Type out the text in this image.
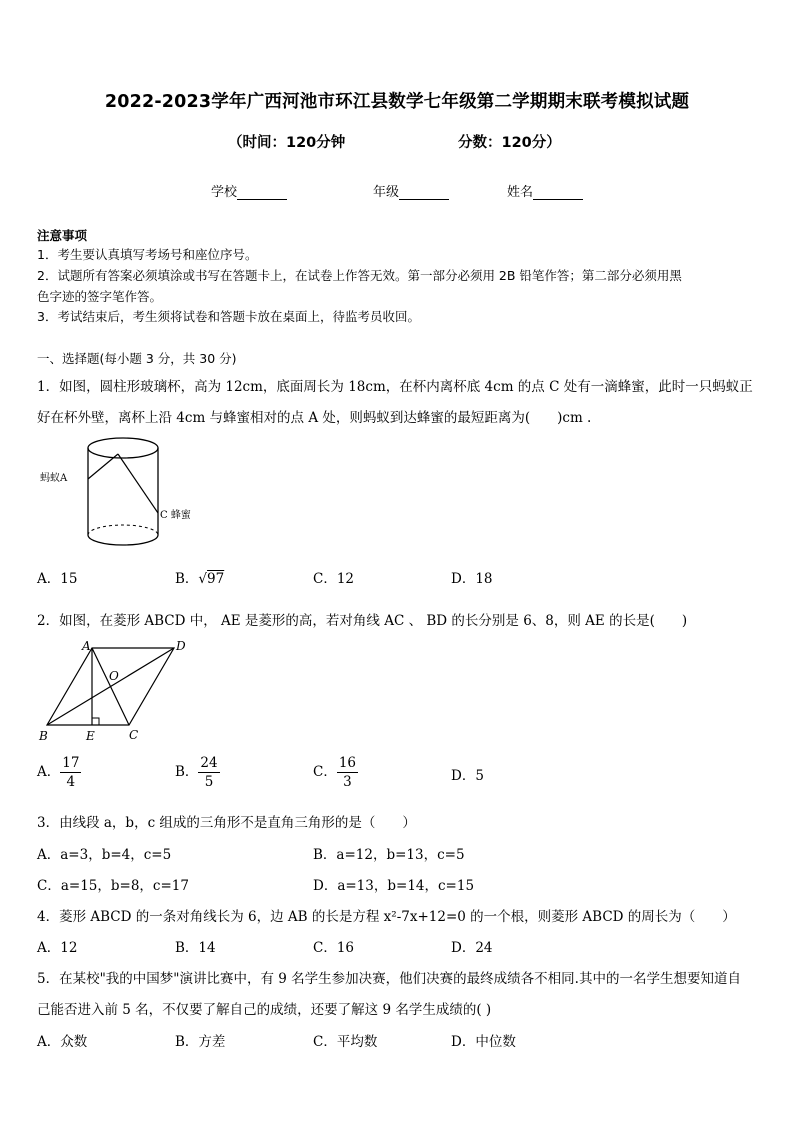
2022-2023学年广西河池市环江县数学七年级第二学期期末联考模拟试题
（时间：120分钟	分数：120分）
学校	年级	姓名
注意事项
1．考生要认真填写考场号和座位序号。
2．试题所有答案必须填涂或书写在答题卡上，在试卷上作答无效。第一部分必须用 2B 铅笔作答；第二部分必须用黑
色字迹的签字笔作答。
3．考试结束后，考生须将试卷和答题卡放在桌面上，待监考员收回。
一、选择题(每小题 3 分，共 30 分)
1．如图，圆柱形玻璃杯，高为 12cm，底面周长为 18cm，在杯内离杯底 4cm 的点 C 处有一滴蜂蜜，此时一只蚂蚁正
好在杯外壁，离杯上沿 4cm 与蜂蜜相对的点 A 处，则蚂蚁到达蜂蜜的最短距离为(　　)cm .
蚂蚁A
C 蜂蜜
A．15	B．√97	C．12	D．18
2．如图，在菱形 ABCD 中， AE 是菱形的高，若对角线 AC 、 BD 的长分别是 6、8，则 AE 的长是(　　)
A	D
O
B	E	C
A． $\frac{17}{4}$	B． $\frac{24}{5}$	C． $\frac{16}{3}$	D．5
3．由线段 a，b，c 组成的三角形不是直角三角形的是（　　）
A．a=3，b=4，c=5	B．a=12，b=13，c=5
C．a=15，b=8，c=17	D．a=13，b=14，c=15
4．菱形 ABCD 的一条对角线长为 6，边 AB 的长是方程 x²-7x+12=0 的一个根，则菱形 ABCD 的周长为（　　）
A．12	B．14	C．16	D．24
5．在某校"我的中国梦"演讲比赛中，有 9 名学生参加决赛，他们决赛的最终成绩各不相同.其中的一名学生想要知道自
己能否进入前 5 名，不仅要了解自己的成绩，还要了解这 9 名学生成绩的( )
A．众数	B．方差	C．平均数	D．中位数
